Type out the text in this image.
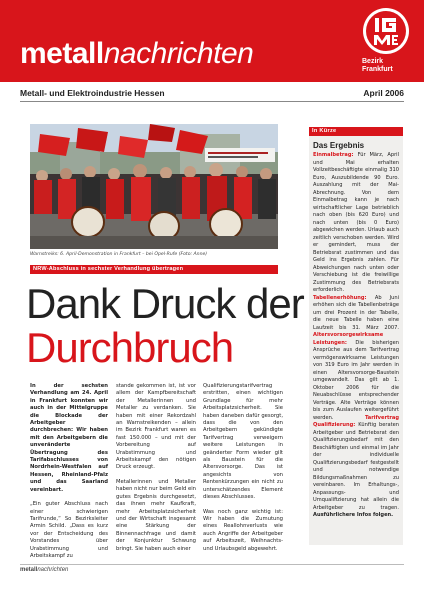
metallnachrichten	Bezirk
Frankfurt
Metall- und Elektroindustrie Hessen	April 2006
Warnstreiks: 6. April-Demonstration in Frankfurt – bei Opel-Rufe (Foto: Anne)
NRW-Abschluss in sechster Verhandlung übertragen
Dank Druck der
Durchbruch

In der sechsten Verhandlung am 24. April in Frankfurt konnten wir auch in der Mittelgruppe die Blockade der Arbeitgeber durchbrechen: Wir haben mit den Arbeitgebern die unveränderte Übertragung des Tarifabschlusses von Nordrhein-Westfalen auf Hessen, Rheinland-Pfalz und das Saarland vereinbart.

„Ein guter Abschluss nach einer schwierigen Tarifrunde,“ So Bezirksleiter Armin Schild. „Dass es kurz vor der Entscheidung des Vorstandes über Urabstimmung und Arbeitskampf zu

stande gekommen ist, ist vor allem der Kampfbereitschaft der Metallerinnen und Metaller zu verdanken. Sie haben mit einer Rekordzahl an Warnstreikenden – allein im Bezirk Frankfurt waren es fast 150.000 – und mit der Vorbereitung auf Urabstimmung und Arbeitskampf den nötigen Druck erzeugt.

Metallerinnen und Metaller haben nicht nur beim Geld ein gutes Ergebnis durchgesetzt, das ihnen mehr Kaufkraft, mehr Arbeitsplatzsicherheit und der Wirtschaft insgesamt eine Stärkung der Binnennachfrage und damit der Konjunktur Schwung bringt. Sie haben auch einer

Qualifizierungstarifvertrag erstritten, einen wichtigen Grundlage für mehr Arbeitsplatzsicherheit. Sie haben daneben dafür gesorgt, dass die von den Arbeitgebern gekündigte Tarifvertrag verweigern weitere Leistungen in geänderter Form wieder gilt als Baustein für die Altersvorsorge. Das ist angesichts von Rentenkürzungen ein nicht zu unterschätzendes Element dieses Abschlusses.

Was noch ganz wichtig ist: Wir haben die Zumutung eines Reallohnverlusts wie auch Angriffe der Arbeitgeber auf Arbeitszeit, Weihnachts- und Urlaubsgeld abgewehrt.

In Kürze
Das Ergebnis
Einmalbetrag: Für März, April und Mai erhalten Vollzeitbeschäftigte einmalig 310 Euro, Auszubildende 90 Euro. Auszahlung mit der Mai-Abrechnung. Von dem Einmalbetrag kann je nach wirtschaftlicher Lage betrieblich nach oben (bis 620 Euro) und nach unten (bis 0 Euro) abgewichen werden. Urlaub auch zeitlich verschoben werden. Wird er gemindert, muss der Betriebsrat zustimmen und das Geld ins Ergebnis zahlen. Für Abweichungen nach unten oder Verschiebung ist die freiwillige Zustimmung des Betriebsrats erforderlich. Tabellenerhöhung: Ab Juni erhöhen sich die Tabellenbeträge um drei Prozent in der Tabelle, die neue Tabelle haben eine Laufzeit bis 31. März 2007. Altersvorsorgewirksame Leistungen: Die bisherigen Ansprüche aus dem Tarifvertrag vermögenswirksame Leistungen von 319 Euro im Jahr werden in einen Altersvorsorge-Baustein umgewandelt. Das gilt ab 1. Oktober 2006 für die Neuabschlüsse entsprechender Verträge. Alte Verträge können bis zum Auslaufen weitergeführt werden. Tarifvertrag Qualifizierung: Künftig beraten Arbeitgeber und Betriebsrat den Qualifizierungsbedarf mit den Beschäftigten und einmal im Jahr der individuelle Qualifizierungsbedarf festgestellt und notwendige Bildungsmaßnahmen zu vereinbaren. Im Erhaltungs-, Anpassungs- und Umqualifizierung hat allein die Arbeitgeber zu tragen. Ausführlichere Infos folgen.
metallnachrichten
